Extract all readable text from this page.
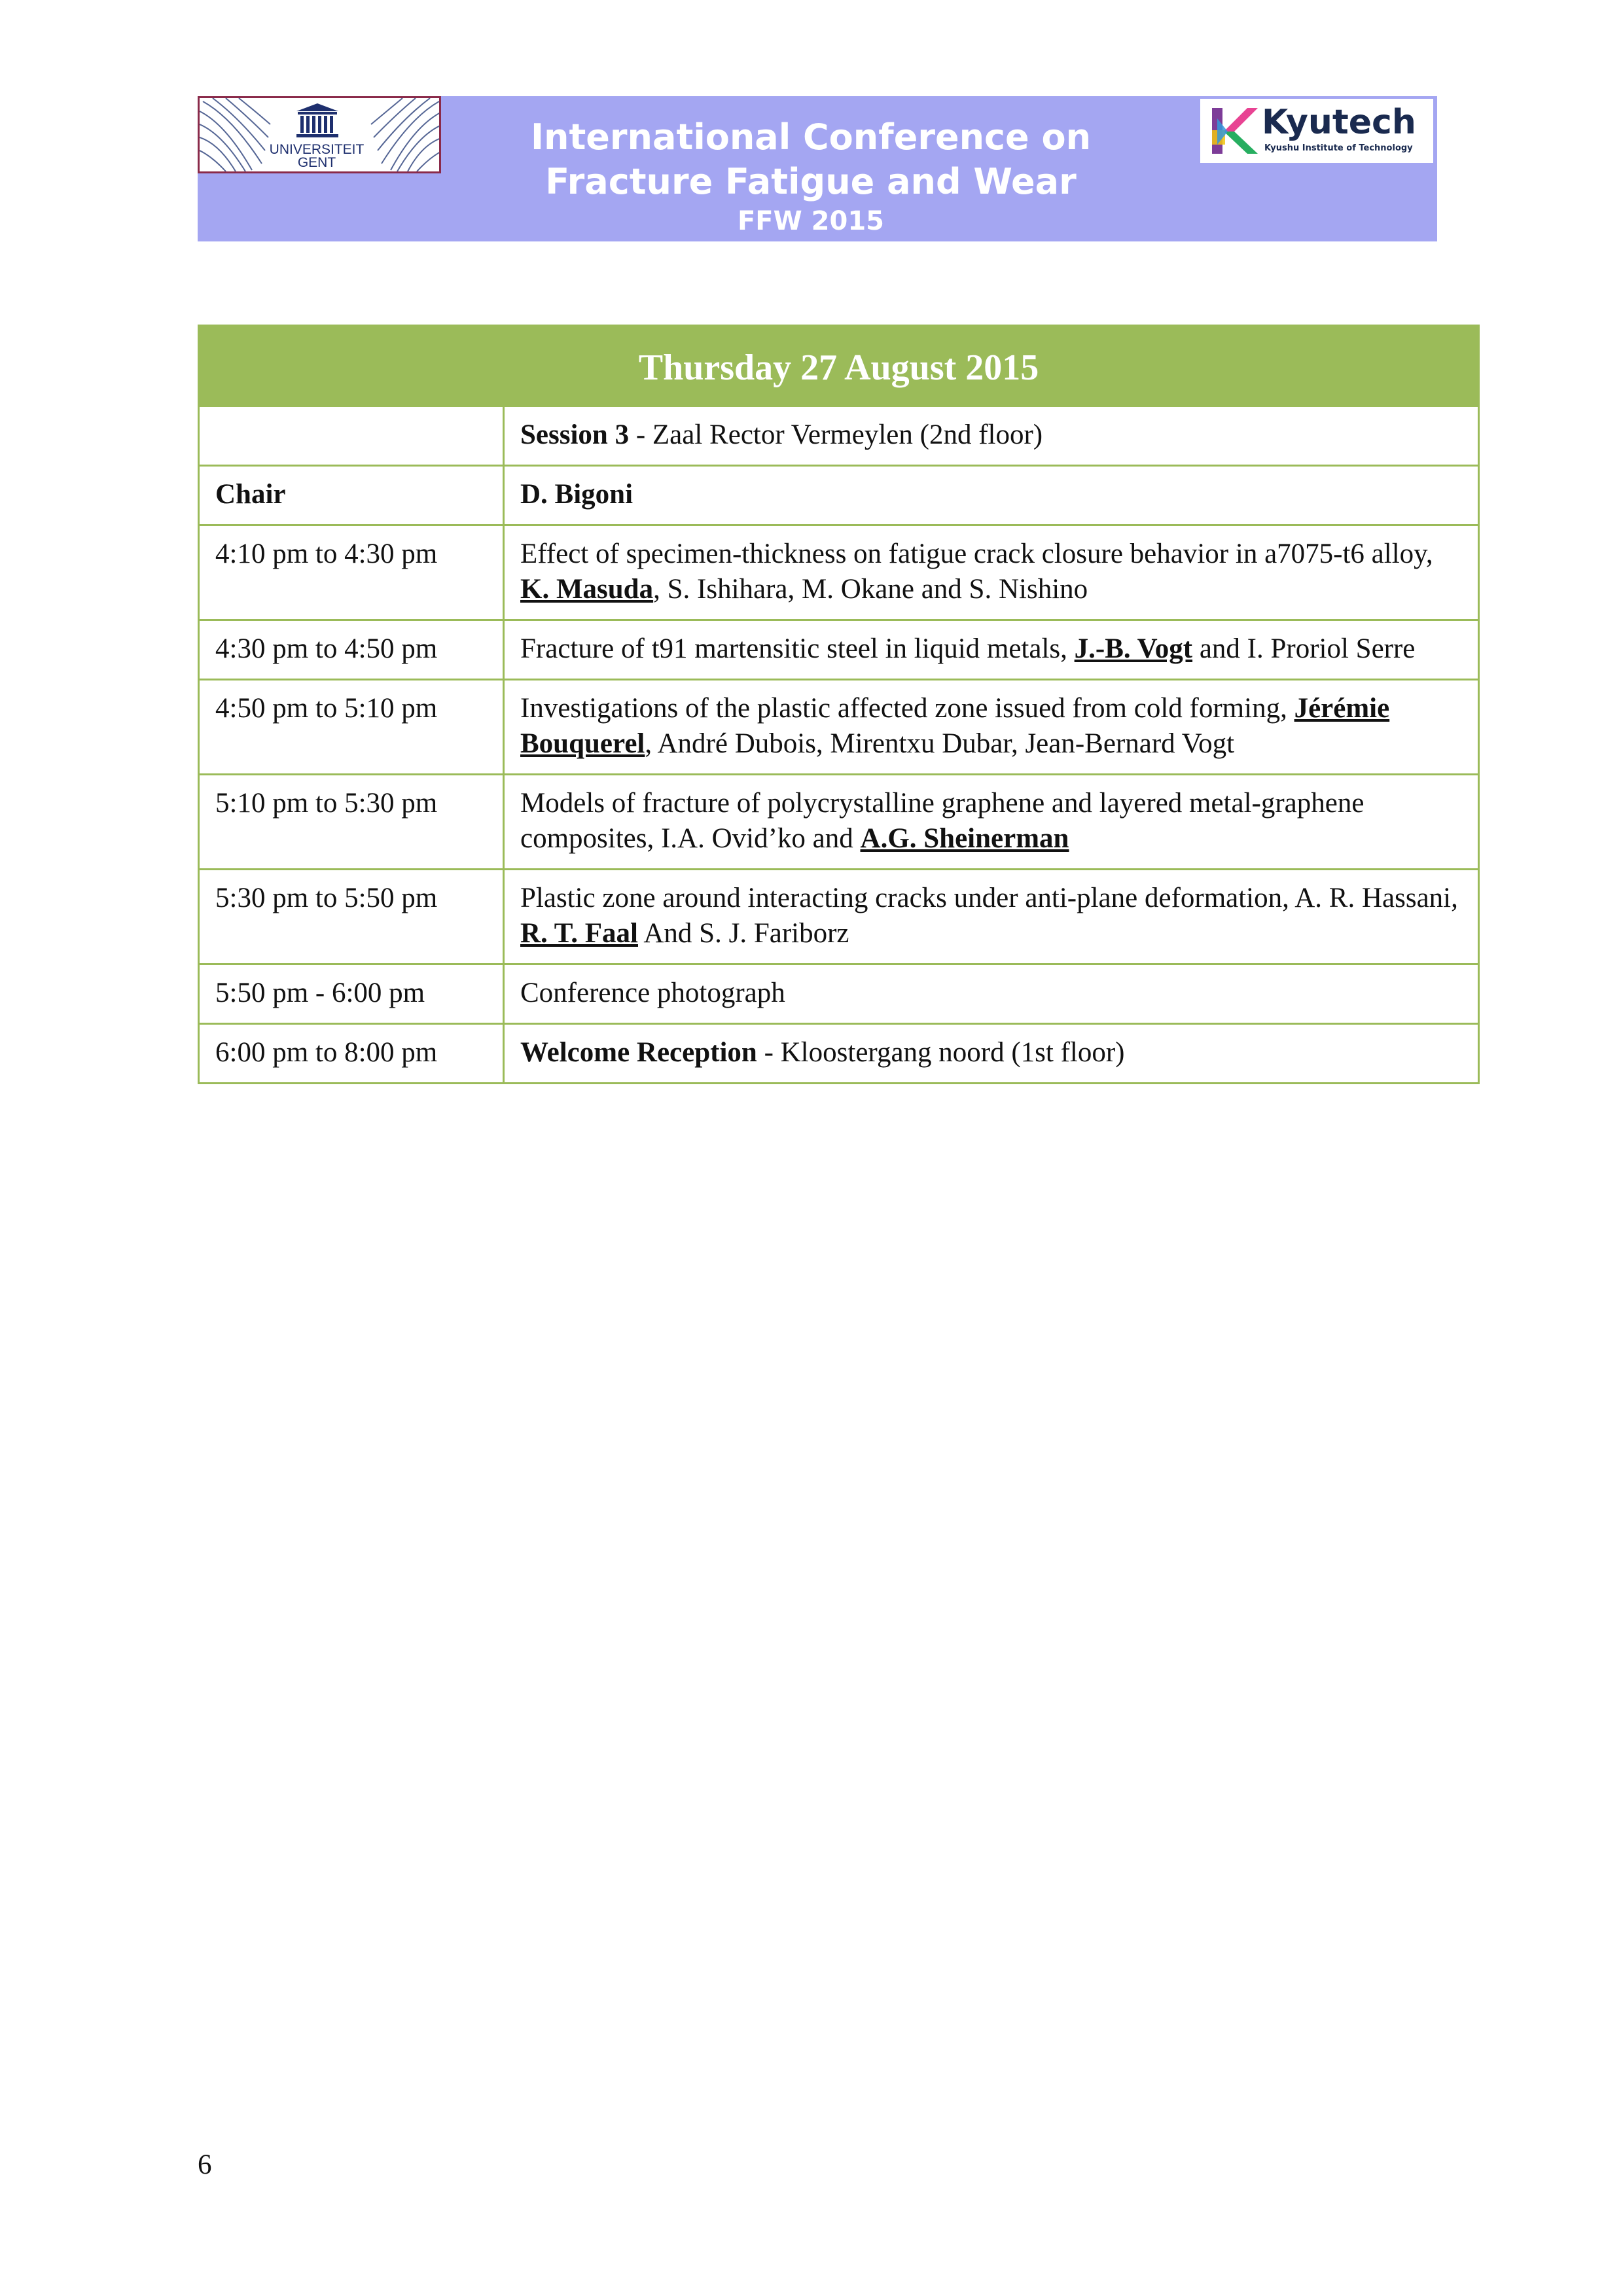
UNIVERSITEIT
GENT
International Conference on
Fracture Fatigue and Wear
FFW 2015
Kyutech
Kyushu Institute of Technology
Thursday 27 August 2015	
	Session 3 - Zaal Rector Vermeylen (2nd floor)
Chair	D. Bigoni
4:10 pm to 4:30 pm	Effect of specimen-thickness on fatigue crack closure behavior in a7075-t6 alloy, K. Masuda, S. Ishihara, M. Okane and S. Nishino
4:30 pm to 4:50 pm	Fracture of t91 martensitic steel in liquid metals, J.-B. Vogt and I. Proriol Serre
4:50 pm to 5:10 pm	Investigations of the plastic affected zone issued from cold forming, Jérémie Bouquerel, André Dubois, Mirentxu Dubar, Jean-Bernard Vogt
5:10 pm to 5:30 pm	Models of fracture of polycrystalline graphene and layered metal-graphene composites, I.A. Ovid’ko and A.G. Sheinerman
5:30 pm to 5:50 pm	Plastic zone around interacting cracks under anti-plane deformation, A. R. Hassani, R. T. Faal And S. J. Fariborz
5:50 pm - 6:00 pm	Conference photograph
6:00 pm to 8:00 pm	Welcome Reception - Kloostergang noord (1st floor)
6
